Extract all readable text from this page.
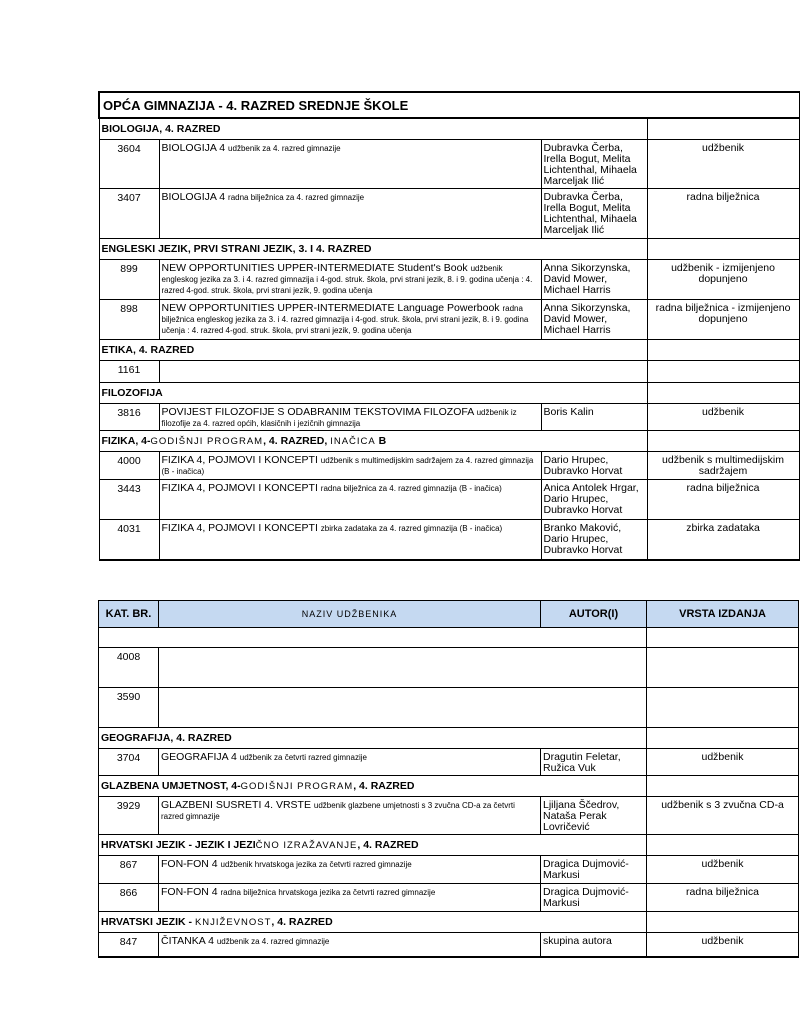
OPĆA GIMNAZIJA - 4. RAZRED SREDNJE ŠKOLE			
BIOLOGIJA, 4. RAZRED			
3604	BIOLOGIJA 4 udžbenik za 4. razred gimnazije	Dubravka Čerba, Irella Bogut, Melita Lichtenthal, Mihaela Marceljak Ilić	udžbenik
3407	BIOLOGIJA 4 radna bilježnica za 4. razred gimnazije	Dubravka Čerba, Irella Bogut, Melita Lichtenthal, Mihaela Marceljak Ilić	radna bilježnica
ENGLESKI JEZIK, PRVI STRANI JEZIK, 3. I 4. RAZRED			
899	NEW OPPORTUNITIES UPPER-INTERMEDIATE Student's Book udžbenik engleskog jezika za 3. i 4. razred gimnazija i 4-god. struk. škola, prvi strani jezik, 8. i 9. godina učenja : 4. razred 4-god. struk. škola, prvi strani jezik, 9. godina učenja	Anna Sikorzynska, David Mower, Michael Harris	udžbenik - izmijenjeno dopunjeno
898	NEW OPPORTUNITIES UPPER-INTERMEDIATE Language Powerbook radna bilježnica engleskog jezika za 3. i 4. razred gimnazija i 4-god. struk. škola, prvi strani jezik, 8. i 9. godina učenja : 4. razred 4-god. struk. škola, prvi strani jezik, 9. godina učenja	Anna Sikorzynska, David Mower, Michael Harris	radna bilježnica - izmijenjeno dopunjeno
ETIKA, 4. RAZRED			
1161			
FILOZOFIJA			
3816	POVIJEST FILOZOFIJE S ODABRANIM TEKSTOVIMA FILOZOFA udžbenik iz filozofije za 4. razred općih, klasičnih i jezičnih gimnazija	Boris Kalin	udžbenik
FIZIKA, 4-GODIŠNJI PROGRAM, 4. RAZRED, INAČICA B			
4000	FIZIKA 4, POJMOVI I KONCEPTI udžbenik s multimedijskim sadržajem za 4. razred gimnazija (B - inačica)	Dario Hrupec, Dubravko Horvat	udžbenik s multimedijskim sadržajem
3443	FIZIKA 4, POJMOVI I KONCEPTI radna bilježnica za 4. razred gimnazija (B - inačica)	Anica Antolek Hrgar, Dario Hrupec, Dubravko Horvat	radna bilježnica
4031	FIZIKA 4, POJMOVI I KONCEPTI zbirka zadataka za 4. razred gimnazija (B - inačica)	Branko Maković, Dario Hrupec, Dubravko Horvat	zbirka zadataka
KAT. BR.	NAZIV UDŽBENIKA	AUTOR(I)	VRSTA IZDANJA

4008			
3590			
GEOGRAFIJA, 4. RAZRED			
3704	GEOGRAFIJA 4 udžbenik za četvrti razred gimnazije	Dragutin Feletar, Ružica Vuk	udžbenik
GLAZBENA UMJETNOST, 4-GODIŠNJI PROGRAM, 4. RAZRED			
3929	GLAZBENI SUSRETI 4. VRSTE udžbenik glazbene umjetnosti s 3 zvučna CD-a za četvrti razred gimnazije	Ljiljana Ščedrov, Nataša Perak Lovričević	udžbenik s 3 zvučna CD-a
HRVATSKI JEZIK - JEZIK I JEZIČNO IZRAŽAVANJE, 4. RAZRED			
867	FON-FON 4 udžbenik hrvatskoga jezika za četvrti razred gimnazije	Dragica Dujmović-Markusi	udžbenik
866	FON-FON 4 radna bilježnica hrvatskoga jezika za četvrti razred gimnazije	Dragica Dujmović-Markusi	radna bilježnica
HRVATSKI JEZIK - KNJIŽEVNOST, 4. RAZRED			
847	ČITANKA 4 udžbenik za 4. razred gimnazije	skupina autora	udžbenik
